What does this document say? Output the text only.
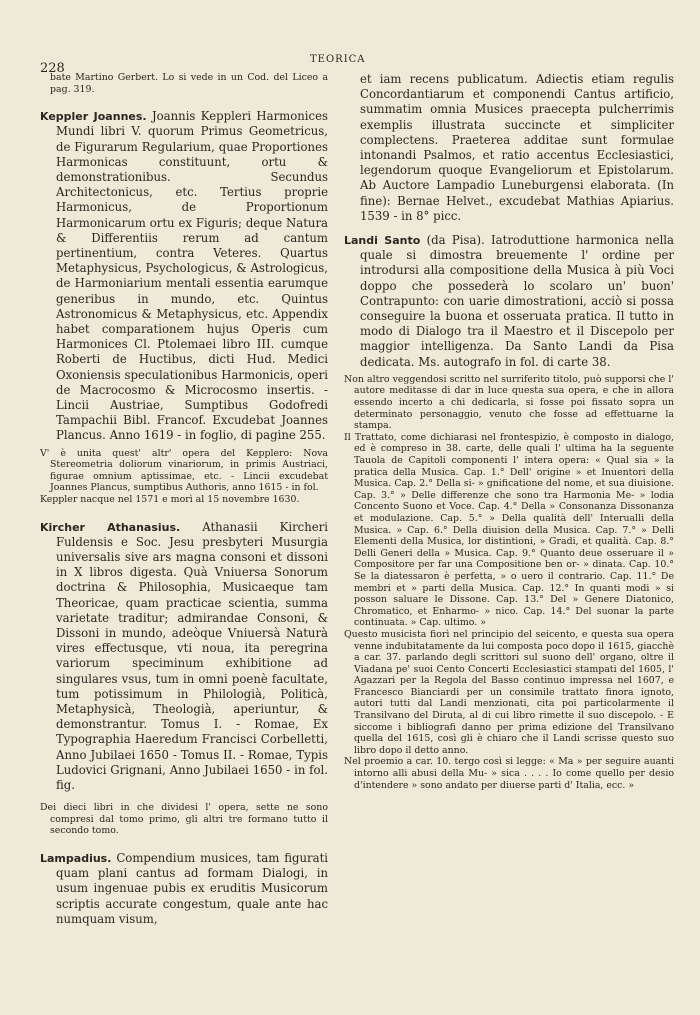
228
TEORICA

bate Martino Gerbert. Lo si vede in un Cod. del Liceo a pag. 319.

Keppler Joannes. Joannis Keppleri Harmonices Mundi libri V. quorum Primus Geometricus, de Figurarum Regularium, quae Proportiones Harmonicas constituunt, ortu & demonstrationibus. Secundus Architectonicus, etc. Tertius proprie Harmonicus, de Proportionum Harmonicarum ortu ex Figuris; deque Natura & Differentiis rerum ad cantum pertinentium, contra Veteres. Quartus Metaphysicus, Psychologicus, & Astrologicus, de Harmoniarium mentali essentia earumque generibus in mundo, etc. Quintus Astronomicus & Metaphysicus, etc. Appendix habet comparationem hujus Operis cum Harmonices Cl. Ptolemaei libro III. cumque Roberti de Huctibus, dicti Hud. Medici Oxoniensis speculationibus Harmonicis, operi de Macrocosmo & Microcosmo insertis. - Lincii Austriae, Sumptibus Godofredi Tampachii Bibl. Francof. Excudebat Joannes Plancus. Anno 1619 - in foglio, di pagine 255.

V' è unita quest' altr' opera del Kepplero: Nova Stereometria doliorum vinariorum, in primis Austriaci, figurae omnium aptissimae, etc. - Lincii excudebat Joannes Plancus, sumptibus Authoris, anno 1615 - in fol.

Keppler nacque nel 1571 e morì al 15 novembre 1630.

Kircher Athanasius. Athanasii Kircheri Fuldensis e Soc. Jesu presbyteri Musurgia universalis sive ars magna consoni et dissoni in X libros digesta. Quà Vniuersa Sonorum doctrina & Philosophia, Musicaeque tam Theoricae, quam practicae scientia, summa varietate traditur; admirandae Consoni, & Dissoni in mundo, adeòque Vniuersà Naturà vires effectusque, vti noua, ita peregrina variorum speciminum exhibitione ad singulares vsus, tum in omni poenè facultate, tum potissimum in Philologià, Politicà, Metaphysicà, Theologià, aperiuntur, & demonstrantur. Tomus I. - Romae, Ex Typographia Haeredum Francisci Corbelletti, Anno Jubilaei 1650 - Tomus II. - Romae, Typis Ludovici Grignani, Anno Jubilaei 1650 - in fol. fig.

Dei dieci libri in che dividesi l' opera, sette ne sono compresi dal tomo primo, gli altri tre formano tutto il secondo tomo.

Lampadius. Compendium musices, tam figurati quam plani cantus ad formam Dialogi, in usum ingenuae pubis ex eruditis Musicorum scriptis accurate congestum, quale ante hac numquam visum,

et iam recens publicatum. Adiectis etiam regulis Concordantiarum et componendi Cantus artificio, summatim omnia Musices praecepta pulcherrimis exemplis illustrata succincte et simpliciter complectens. Praeterea additae sunt formulae intonandi Psalmos, et ratio accentus Ecclesiastici, legendorum quoque Evangeliorum et Epistolarum. Ab Auctore Lampadio Luneburgensi elaborata. (In fine): Bernae Helvet., excudebat Mathias Apiarius. 1539 - in 8° picc.

Landi Santo (da Pisa). Iatroduttione harmonica nella quale si dimostra breuemente l' ordine per introdursi alla compositione della Musica à più Voci doppo che possederà lo scolaro un' buon' Contrapunto: con uarie dimostrationi, acciò si possa conseguire la buona et osseruata pratica. Il tutto in modo di Dialogo tra il Maestro et il Discepolo per maggior intelligenza. Da Santo Landi da Pisa dedicata. Ms. autografo in fol. di carte 38.

Non altro veggendosi scritto nel surriferito titolo, può supporsi che l' autore meditasse di dar in luce questa sua opera, e che in allora essendo incerto a chi dedicarla, si fosse poi fissato sopra un determinato personaggio, venuto che fosse ad effettuarne la stampa.

Il Trattato, come dichiarasi nel frontespizio, è composto in dialogo, ed è compreso in 38. carte, delle quali l' ultima ha la seguente Tauola de Capitoli componenti l' intera opera: « Qual sia » la pratica della Musica. Cap. 1.° Dell' origine » et Inuentori della Musica. Cap. 2.° Della si- » gnificatione del nome, et sua diuisione. Cap. 3.° » Delle differenze che sono tra Harmonia Me- » lodia Concento Suono et Voce. Cap. 4.° Della » Consonanza Dissonanza et modulazione. Cap. 5.° » Della qualità dell' Interualli della Musica. » Cap. 6.° Della diuision della Musica. Cap. 7.° » Delli Elementi della Musica, lor distintioni, » Gradi, et qualità. Cap. 8.° Delli Generi della » Musica. Cap. 9.° Quanto deue osseruare il » Compositore per far una Compositione ben or- » dinata. Cap. 10.° Se la diatessaron è perfetta, » o uero il contrario. Cap. 11.° De membri et » parti della Musica. Cap. 12.° In quanti modi » si posson saluare le Dissone. Cap. 13.° Del » Genere Diatonico, Chromatico, et Enharmo- » nico. Cap. 14.° Del suonar la parte continuata. » Cap. ultimo. »

Questo musicista fiorì nel principio del seicento, e questa sua opera venne indubitatamente da lui composta poco dopo il 1615, giacchè a car. 37. parlando degli scrittori sul suono dell' organo, oltre il Viadana pe' suoi Cento Concerti Ecclesiastici stampati del 1605, l' Agazzari per la Regola del Basso continuo impressa nel 1607, e Francesco Bianciardi per un consimile trattato finora ignoto, autori tutti dal Landi menzionati, cita poi particolarmente il Transilvano del Diruta, al di cui libro rimette il suo discepolo. - E siccome i bibliografi danno per prima edizione del Transilvano quella del 1615, così gli è chiaro che il Landi scrisse questo suo libro dopo il detto anno.

Nel proemio a car. 10. tergo così si legge: « Ma » per seguire auanti intorno alli abusi della Mu- » sica . . . . Io come quello per desio d'intendere » sono andato per diuerse parti d' Italia, ecc. »
